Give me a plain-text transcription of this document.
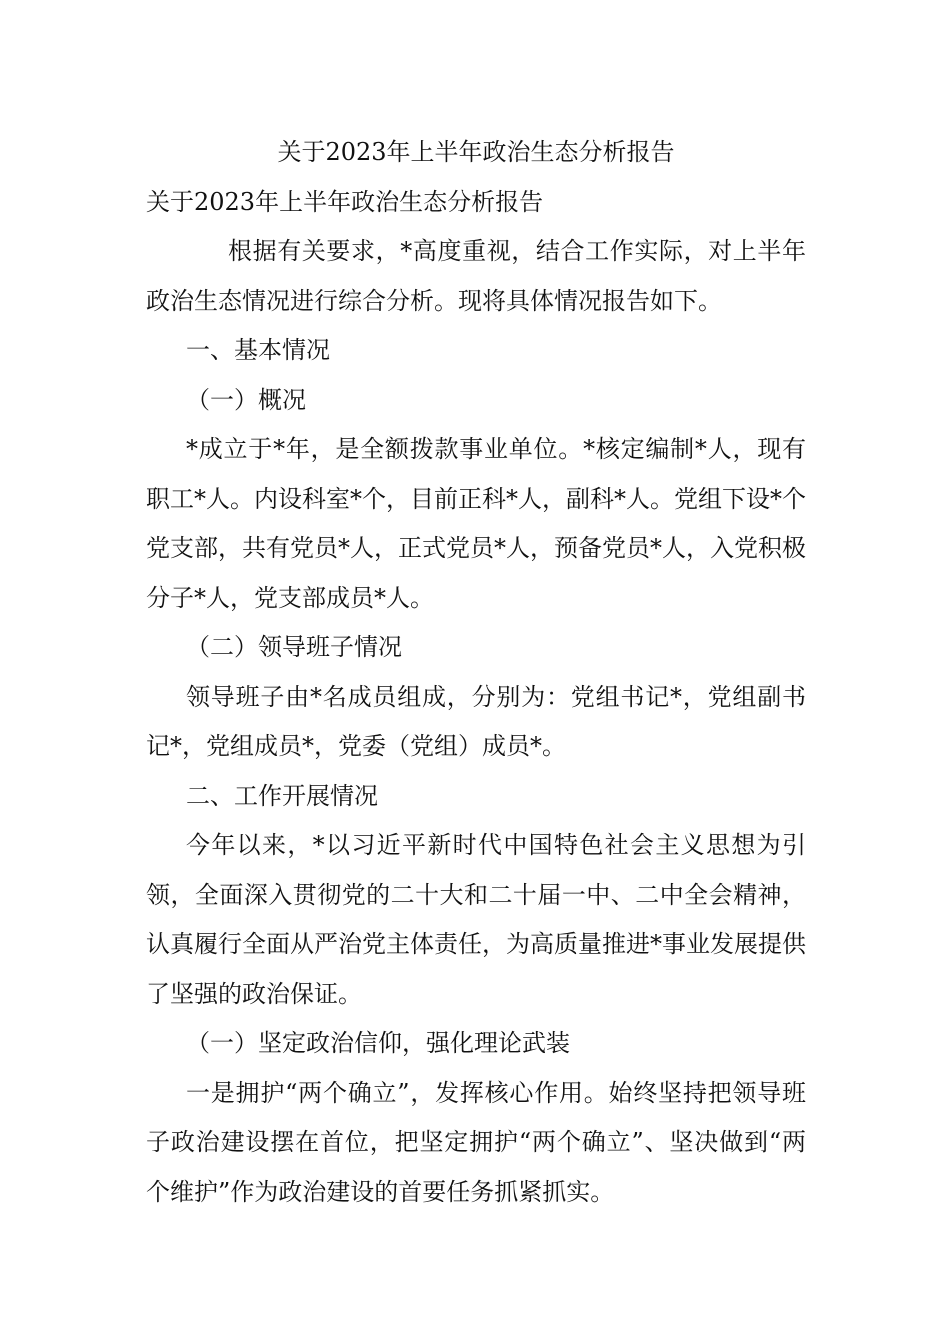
关于2023年上半年政治生态分析报告

关于2023年上半年政治生态分析报告

根据有关要求，*高度重视，结合工作实际，对上半年政治生态情况进行综合分析。现将具体情况报告如下。

一、基本情况

（一）概况

*成立于*年，是全额拨款事业单位。*核定编制*人，现有职工*人。内设科室*个，目前正科*人，副科*人。党组下设*个党支部，共有党员*人，正式党员*人，预备党员*人，入党积极分子*人，党支部成员*人。

（二）领导班子情况

领导班子由*名成员组成，分别为：党组书记*，党组副书记*，党组成员*，党委（党组）成员*。

二、工作开展情况

今年以来，*以习近平新时代中国特色社会主义思想为引领，全面深入贯彻党的二十大和二十届一中、二中全会精神，认真履行全面从严治党主体责任，为高质量推进*事业发展提供了坚强的政治保证。

（一）坚定政治信仰，强化理论武装

一是拥护“两个确立”，发挥核心作用。始终坚持把领导班子政治建设摆在首位，把坚定拥护“两个确立”、坚决做到“两个维护”作为政治建设的首要任务抓紧抓实。
